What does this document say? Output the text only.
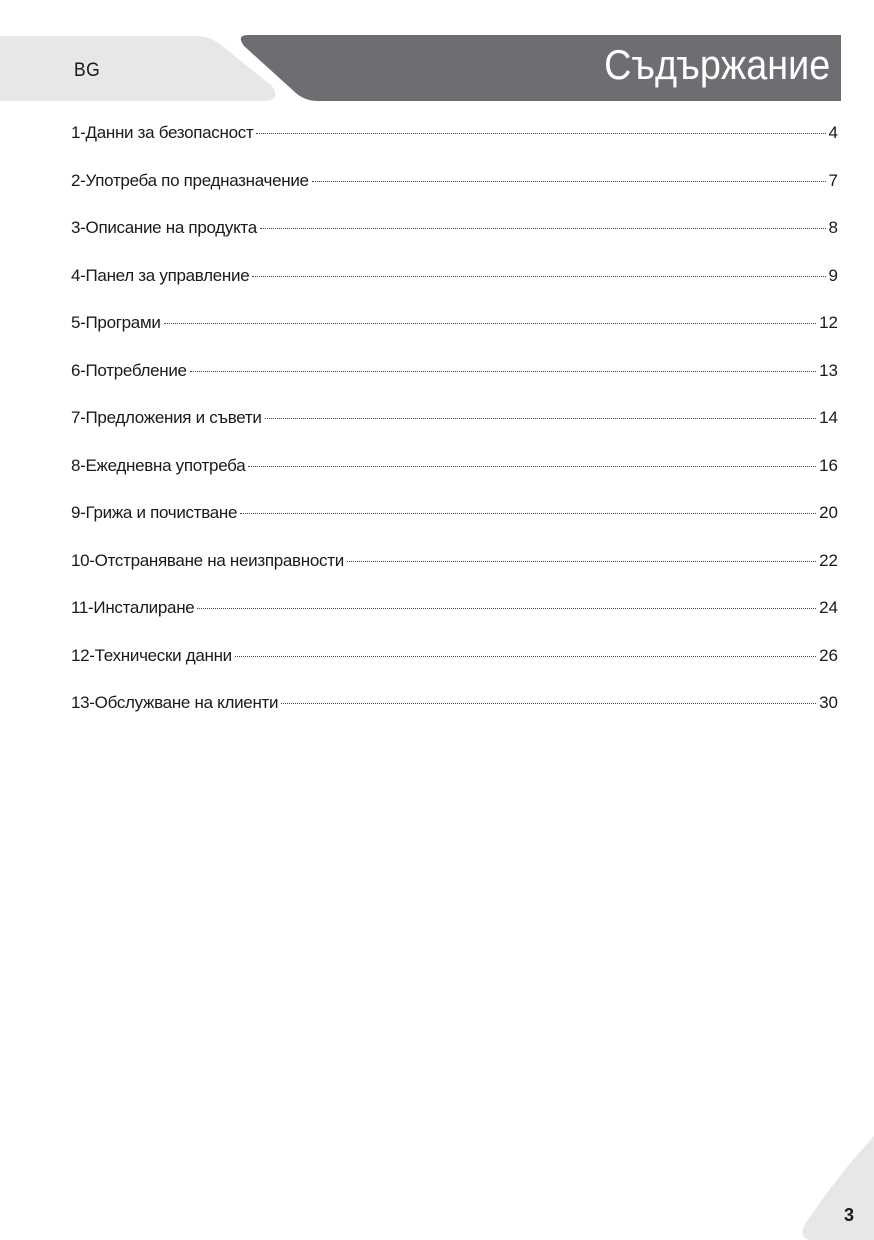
BG	Съдържание
1-Данни за безопасност	4
2-Употреба по предназначение	7
3-Описание на продукта	8
4-Панел за управление	9
5-Програми	12
6-Потребление	13
7-Предложения и съвети	14
8-Ежедневна употреба	16
9-Грижа и почистване	20
10-Отстраняване на неизправности	22
11-Инсталиране	24
12-Технически данни	26
13-Обслужване на клиенти	30
3
